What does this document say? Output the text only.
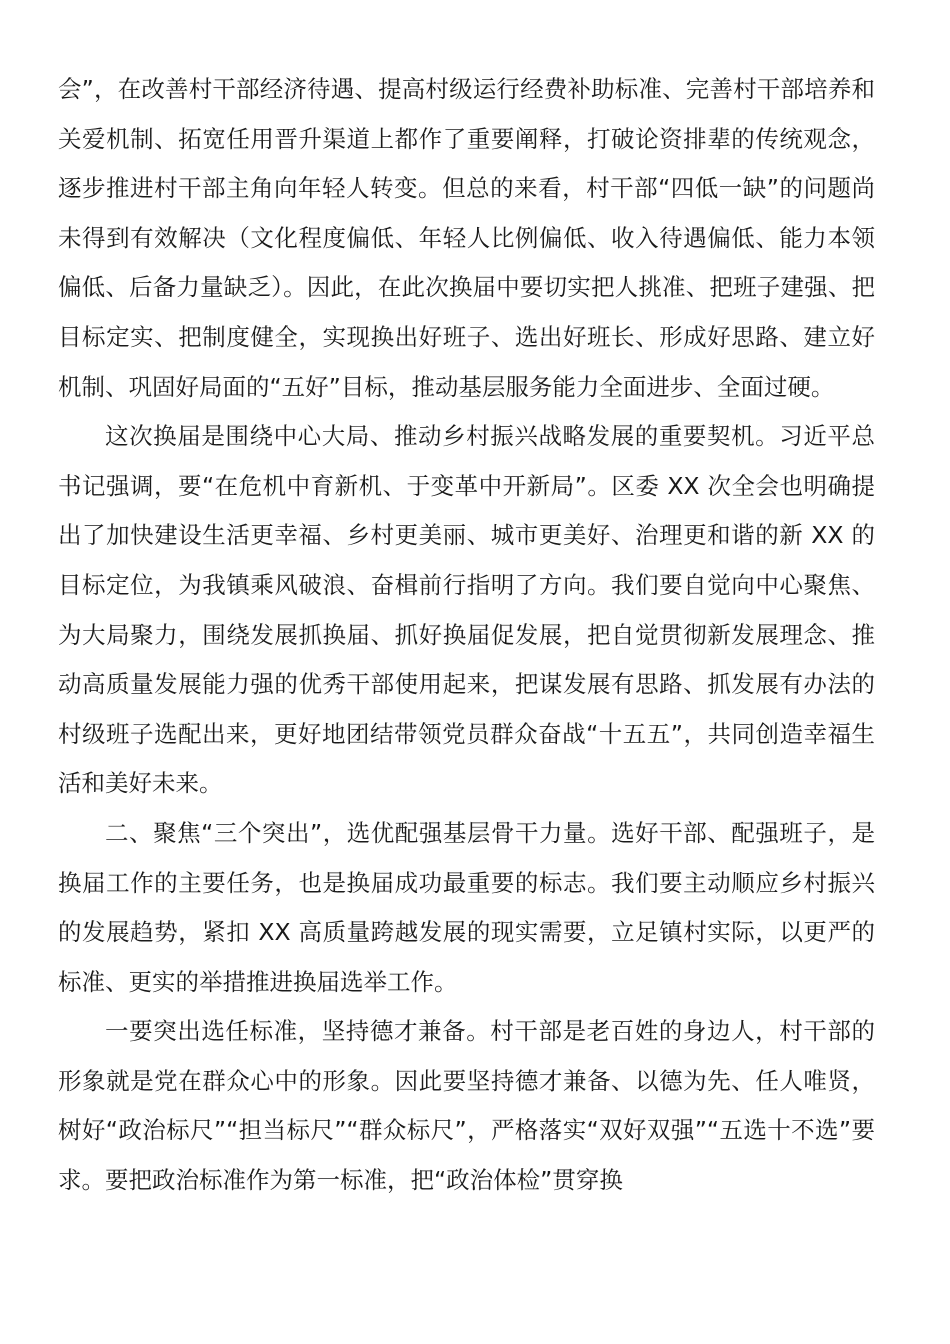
会”，在改善村干部经济待遇、提高村级运行经费补助标准、完善村干部培养和关爱机制、拓宽任用晋升渠道上都作了重要阐释，打破论资排辈的传统观念，逐步推进村干部主角向年轻人转变。但总的来看，村干部“四低一缺”的问题尚未得到有效解决（文化程度偏低、年轻人比例偏低、收入待遇偏低、能力本领偏低、后备力量缺乏）。因此，在此次换届中要切实把人挑准、把班子建强、把目标定实、把制度健全，实现换出好班子、选出好班长、形成好思路、建立好机制、巩固好局面的“五好”目标，推动基层服务能力全面进步、全面过硬。

这次换届是围绕中心大局、推动乡村振兴战略发展的重要契机。习近平总书记强调，要“在危机中育新机、于变革中开新局”。区委 XX 次全会也明确提出了加快建设生活更幸福、乡村更美丽、城市更美好、治理更和谐的新 XX 的目标定位，为我镇乘风破浪、奋楫前行指明了方向。我们要自觉向中心聚焦、为大局聚力，围绕发展抓换届、抓好换届促发展，把自觉贯彻新发展理念、推动高质量发展能力强的优秀干部使用起来，把谋发展有思路、抓发展有办法的村级班子选配出来，更好地团结带领党员群众奋战“十五五”，共同创造幸福生活和美好未来。

二、聚焦“三个突出”，选优配强基层骨干力量。选好干部、配强班子，是换届工作的主要任务，也是换届成功最重要的标志。我们要主动顺应乡村振兴的发展趋势，紧扣 XX 高质量跨越发展的现实需要，立足镇村实际，以更严的标准、更实的举措推进换届选举工作。

一要突出选任标准，坚持德才兼备。村干部是老百姓的身边人，村干部的形象就是党在群众心中的形象。因此要坚持德才兼备、以德为先、任人唯贤，树好“政治标尺”“担当标尺”“群众标尺”，严格落实“双好双强”“五选十不选”要求。要把政治标准作为第一标准，把“政治体检”贯穿换
